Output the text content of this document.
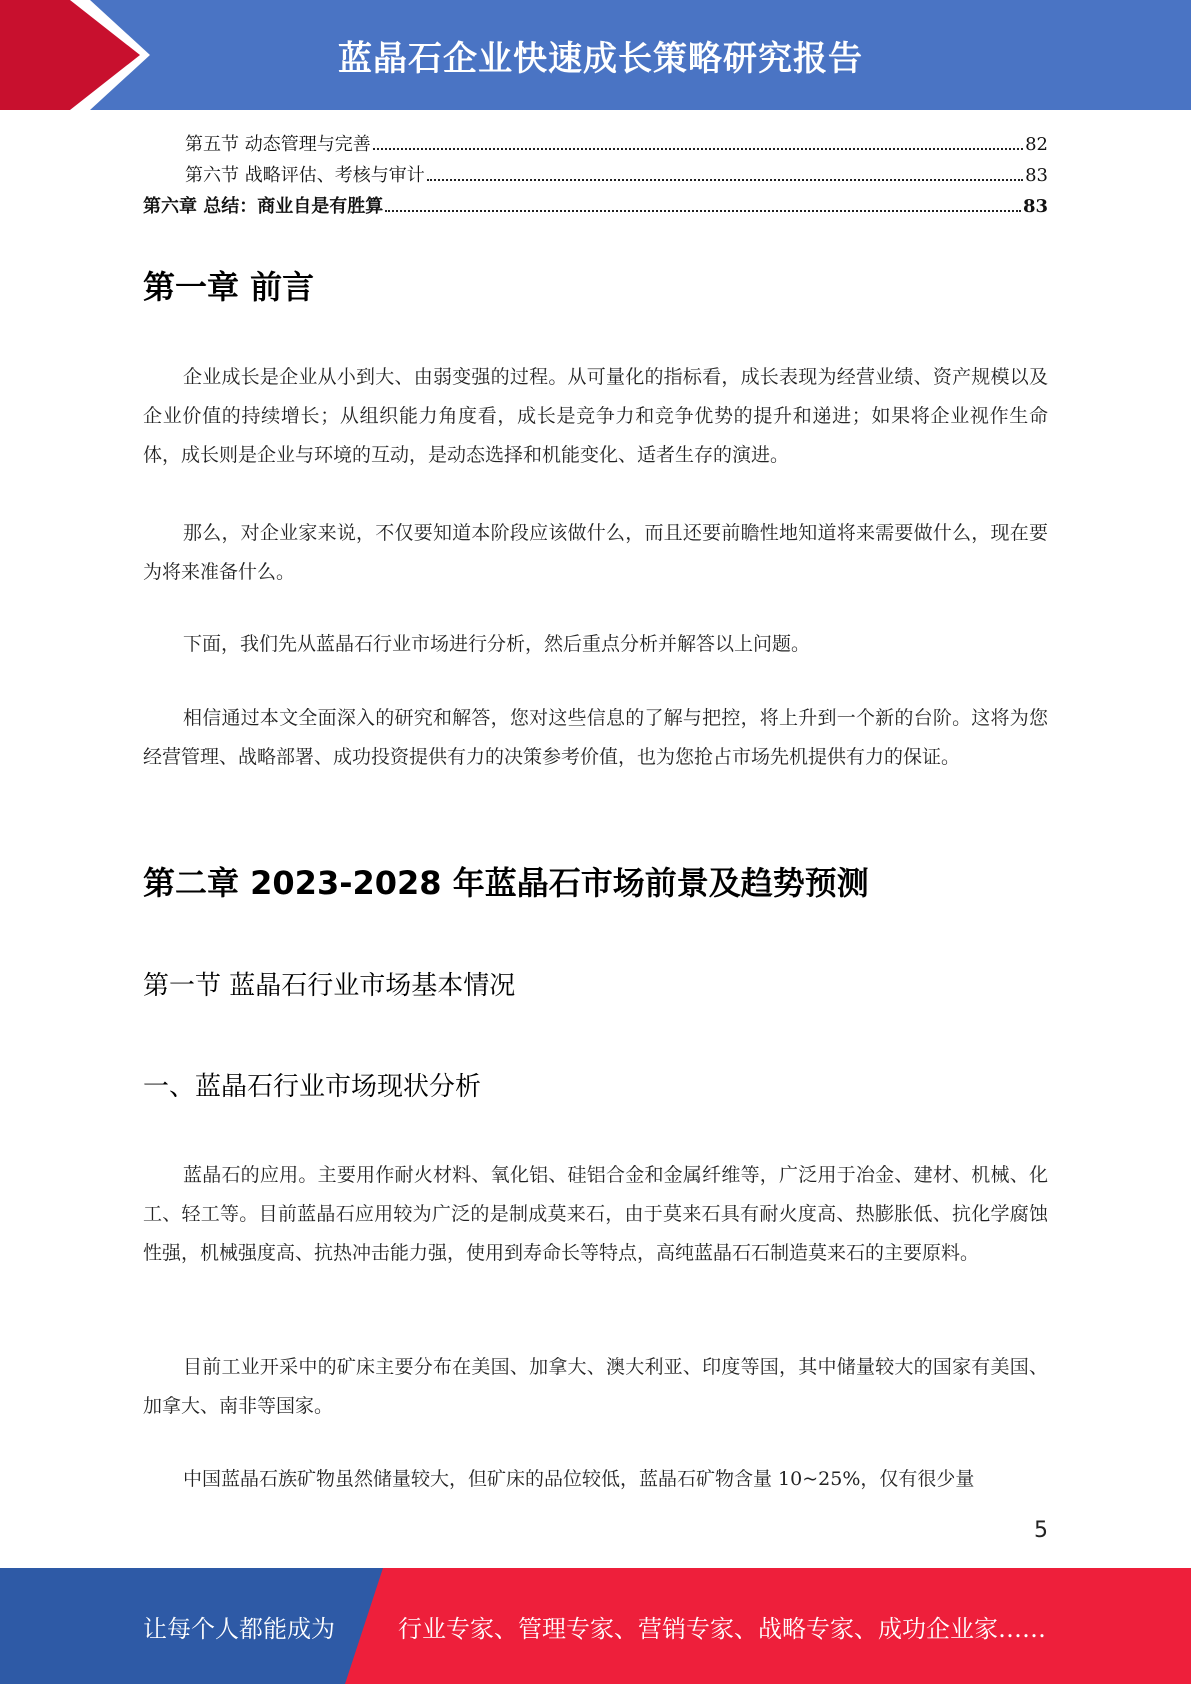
蓝晶石企业快速成长策略研究报告
第五节 动态管理与完善	82
第六节 战略评估、考核与审计	83
第六章 总结：商业自是有胜算	83
第一章 前言

企业成长是企业从小到大、由弱变强的过程。从可量化的指标看，成长表现为经营业绩、资产规模以及企业价值的持续增长；从组织能力角度看，成长是竞争力和竞争优势的提升和递进；如果将企业视作生命体，成长则是企业与环境的互动，是动态选择和机能变化、适者生存的演进。

那么，对企业家来说，不仅要知道本阶段应该做什么，而且还要前瞻性地知道将来需要做什么，现在要为将来准备什么。

下面，我们先从蓝晶石行业市场进行分析，然后重点分析并解答以上问题。

相信通过本文全面深入的研究和解答，您对这些信息的了解与把控，将上升到一个新的台阶。这将为您经营管理、战略部署、成功投资提供有力的决策参考价值，也为您抢占市场先机提供有力的保证。

第二章 2023-2028 年蓝晶石市场前景及趋势预测
第一节 蓝晶石行业市场基本情况
一、蓝晶石行业市场现状分析

蓝晶石的应用。主要用作耐火材料、氧化铝、硅铝合金和金属纤维等，广泛用于冶金、建材、机械、化工、轻工等。目前蓝晶石应用较为广泛的是制成莫来石，由于莫来石具有耐火度高、热膨胀低、抗化学腐蚀性强，机械强度高、抗热冲击能力强，使用到寿命长等特点，高纯蓝晶石石制造莫来石的主要原料。

目前工业开采中的矿床主要分布在美国、加拿大、澳大利亚、印度等国，其中储量较大的国家有美国、加拿大、南非等国家。

中国蓝晶石族矿物虽然储量较大，但矿床的品位较低，蓝晶石矿物含量 10~25%，仅有很少量

5
让每个人都能成为	行业专家、管理专家、营销专家、战略专家、成功企业家……
